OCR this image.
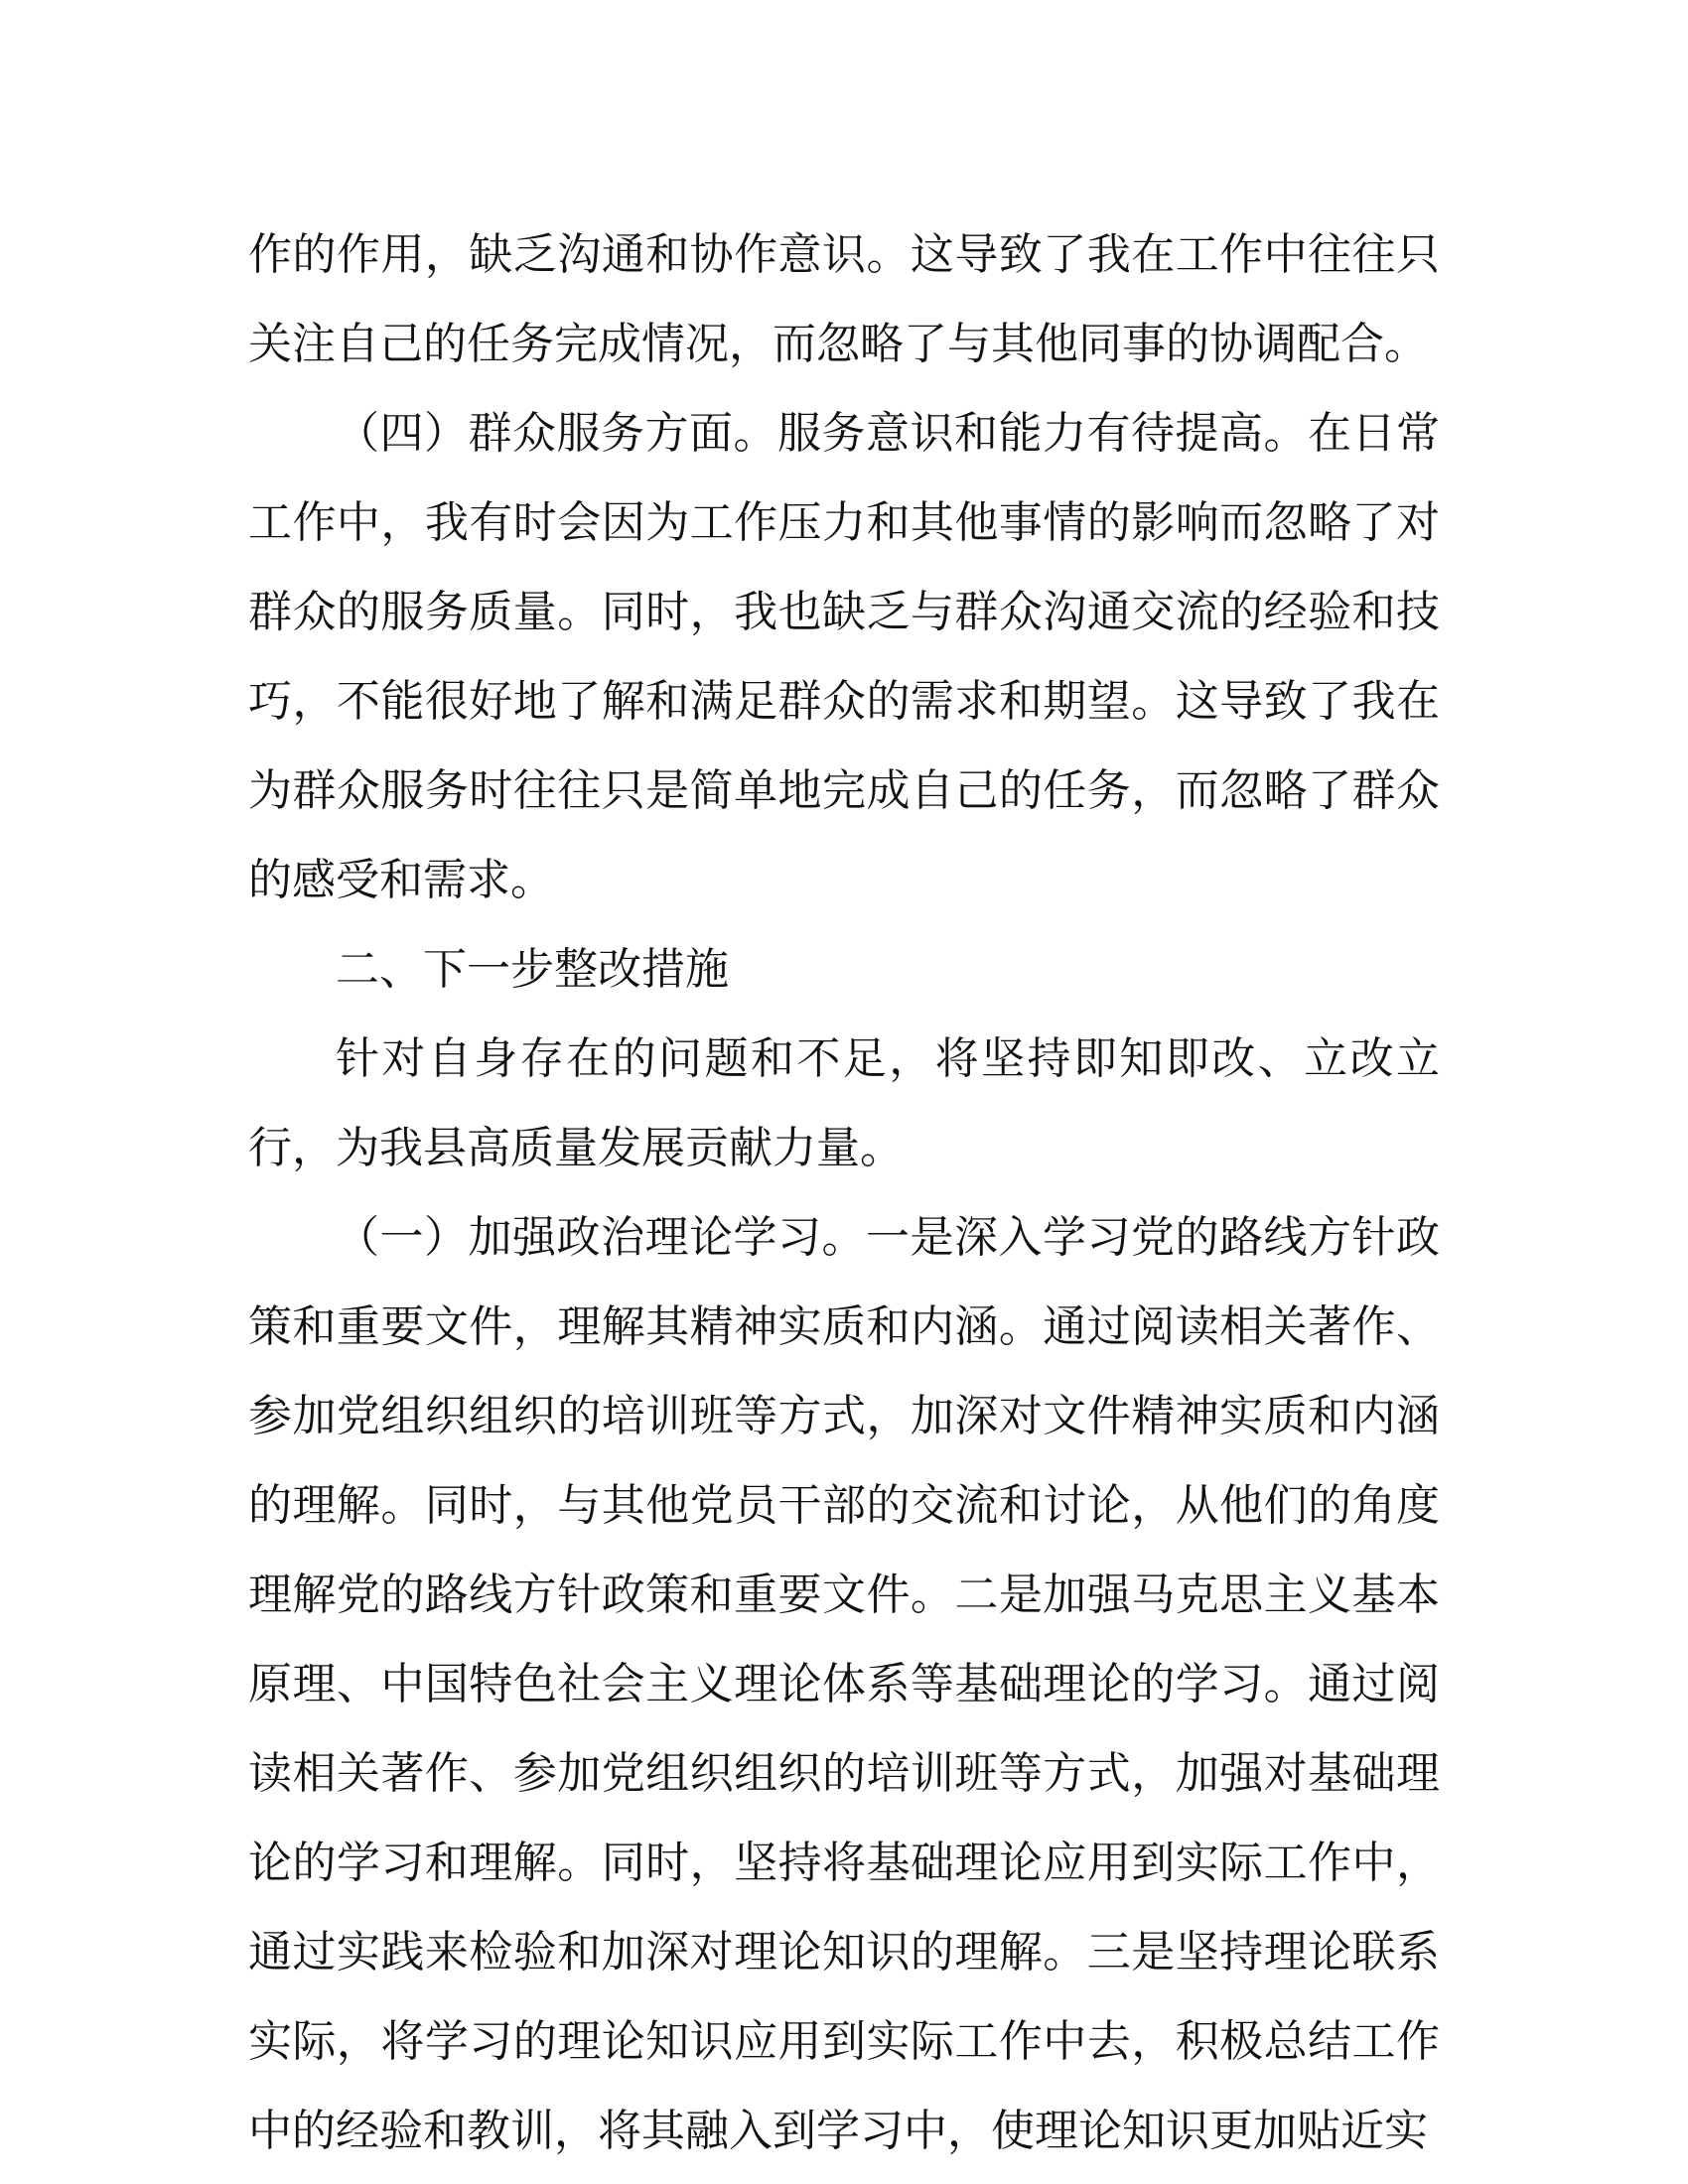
作的作用，缺乏沟通和协作意识。这导致了我在工作中往往只关注自己的任务完成情况，而忽略了与其他同事的协调配合。

（四）群众服务方面。服务意识和能力有待提高。在日常工作中，我有时会因为工作压力和其他事情的影响而忽略了对群众的服务质量。同时，我也缺乏与群众沟通交流的经验和技巧，不能很好地了解和满足群众的需求和期望。这导致了我在为群众服务时往往只是简单地完成自己的任务，而忽略了群众的感受和需求。

二、下一步整改措施

针对自身存在的问题和不足，将坚持即知即改、立改立行，为我县高质量发展贡献力量。

（一）加强政治理论学习。一是深入学习党的路线方针政策和重要文件，理解其精神实质和内涵。通过阅读相关著作、参加党组织组织的培训班等方式，加深对文件精神实质和内涵的理解。同时，与其他党员干部的交流和讨论，从他们的角度理解党的路线方针政策和重要文件。二是加强马克思主义基本原理、中国特色社会主义理论体系等基础理论的学习。通过阅读相关著作、参加党组织组织的培训班等方式，加强对基础理论的学习和理解。同时，坚持将基础理论应用到实际工作中，通过实践来检验和加深对理论知识的理解。三是坚持理论联系实际，将学习的理论知识应用到实际工作中去，积极总结工作中的经验和教训，将其融入到学习中，使理论知识更加贴近实
